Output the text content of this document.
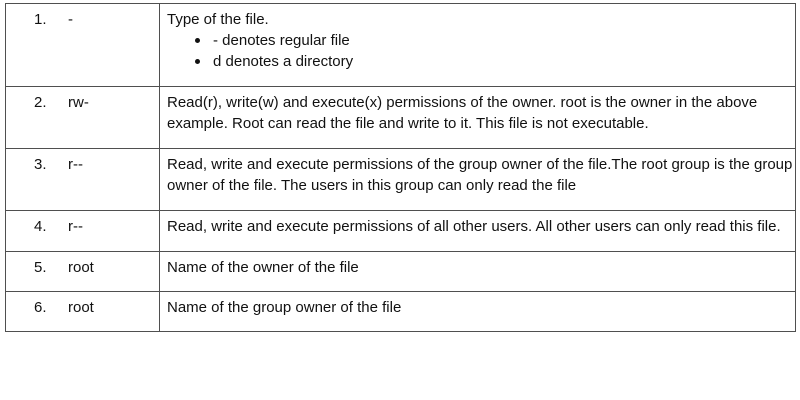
1. -	Type of the file.
- denotes regular file
d denotes a directory
2. rw-	Read(r), write(w) and execute(x) permissions of the owner. root is the owner in the above example. Root can read the file and write to it. This file is not executable.
3. r--	Read, write and execute permissions of the group owner of the file.The root group is the group owner of the file. The users in this group can only read the file
4. r--	Read, write and execute permissions of all other users. All other users can only read this file.
5. root	Name of the owner of the file
6. root	Name of the group owner of the file
